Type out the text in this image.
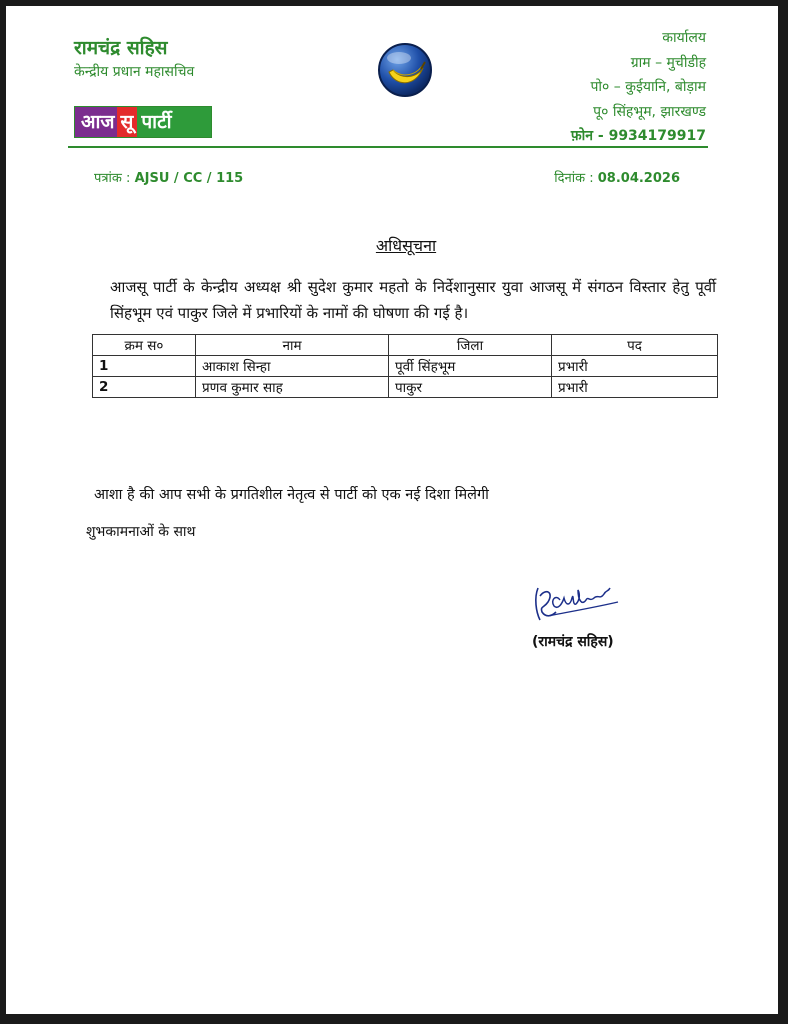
रामचंद्र सहिस
केन्द्रीय प्रधान महासचिव
आज सू पार्टी
कार्यालय
ग्राम – मुचीडीह
पो० – कुईयानि, बोड़ाम
पू० सिंहभूम, झारखण्ड
फ़ोन - 9934179917
पत्रांक : AJSU / CC / 115	दिनांक : 08.04.2026
अधिसूचना
आजसू पार्टी के केन्द्रीय अध्यक्ष श्री सुदेश कुमार महतो के निर्देशानुसार युवा आजसू में संगठन विस्तार हेतु पूर्वी सिंहभूम एवं पाकुर जिले में प्रभारियों के नामों की घोषणा की गई है।
क्रम स०	नाम	जिला	पद
1	आकाश सिन्हा	पूर्वी सिंहभूम	प्रभारी
2	प्रणव कुमार साह	पाकुर	प्रभारी
आशा है की आप सभी के प्रगतिशील नेतृत्व से पार्टी को एक नई दिशा मिलेगी
शुभकामनाओं के साथ
(रामचंद्र सहिस)
